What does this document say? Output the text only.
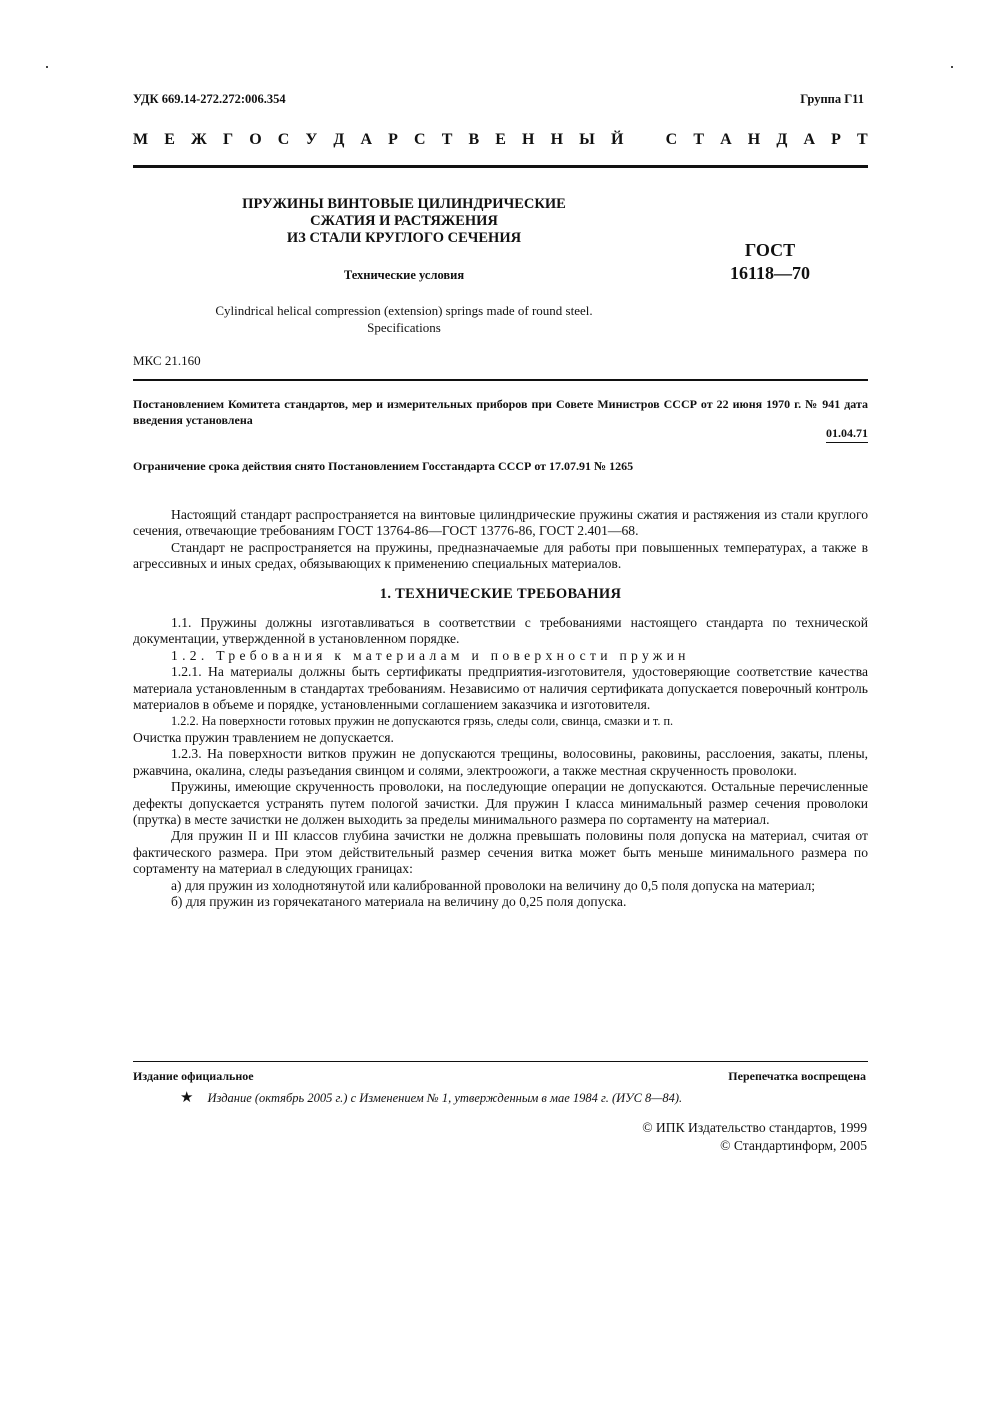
УДК 669.14-272.272:006.354	Группа Г11
М Е Ж Г О С У Д А Р С Т В Е Н Н Ы Й	С Т А Н Д А Р Т
ПРУЖИНЫ ВИНТОВЫЕ ЦИЛИНДРИЧЕСКИЕ
СЖАТИЯ И РАСТЯЖЕНИЯ
ИЗ СТАЛИ КРУГЛОГО СЕЧЕНИЯ
Технические условия
ГОСТ
16118—70
Cylindrical helical compression (extension) springs made of round steel.
Specifications
МКС 21.160
Постановлением Комитета стандартов, мер и измерительных приборов при Совете Министров СССР от 22 июня 1970 г. № 941 дата введения установлена
01.04.71
Ограничение срока действия снято Постановлением Госстандарта СССР от 17.07.91 № 1265

Настоящий стандарт распространяется на винтовые цилиндрические пружины сжатия и растяжения из стали круглого сечения, отвечающие требованиям ГОСТ 13764-86—ГОСТ 13776-86, ГОСТ 2.401—68.

Стандарт не распространяется на пружины, предназначаемые для работы при повышенных температурах, а также в агрессивных и иных средах, обязывающих к применению специальных материалов.

1. ТЕХНИЧЕСКИЕ ТРЕБОВАНИЯ

1.1. Пружины должны изготавливаться в соответствии с требованиями настоящего стандарта по технической документации, утвержденной в установленном порядке.

1.2. Требования к материалам и поверхности пружин

1.2.1. На материалы должны быть сертификаты предприятия-изготовителя, удостоверяющие соответствие качества материала установленным в стандартах требованиям. Независимо от наличия сертификата допускается поверочный контроль материалов в объеме и порядке, установленными соглашением заказчика и изготовителя.

1.2.2. На поверхности готовых пружин не допускаются грязь, следы соли, свинца, смазки и т. п.

Очистка пружин травлением не допускается.

1.2.3. На поверхности витков пружин не допускаются трещины, волосовины, раковины, расслоения, закаты, плены, ржавчина, окалина, следы разъедания свинцом и солями, электроожоги, а также местная скрученность проволоки.

Пружины, имеющие скрученность проволоки, на последующие операции не допускаются. Остальные перечисленные дефекты допускается устранять путем пологой зачистки. Для пружин I класса минимальный размер сечения проволоки (прутка) в месте зачистки не должен выходить за пределы минимального размера по сортаменту на материал.

Для пружин II и III классов глубина зачистки не должна превышать половины поля допуска на материал, считая от фактического размера. При этом действительный размер сечения витка может быть меньше минимального размера по сортаменту на материал в следующих границах:

а) для пружин из холоднотянутой или калиброванной проволоки на величину до 0,5 поля допуска на материал;

б) для пружин из горячекатаного материала на величину до 0,25 поля допуска.

Издание официальное	Перепечатка воспрещена
★ Издание (октябрь 2005 г.) с Изменением № 1, утвержденным в мае 1984 г. (ИУС 8—84).
© ИПК Издательство стандартов, 1999
© Стандартинформ, 2005
